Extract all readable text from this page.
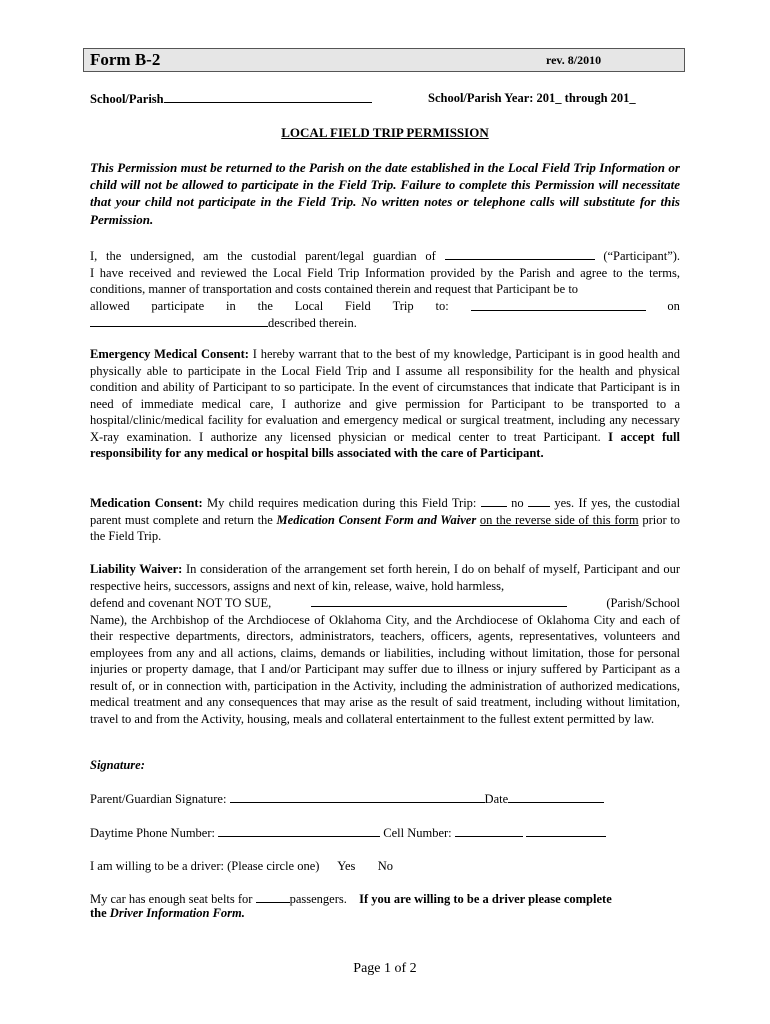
Form B-2	rev. 8/2010
School/Parish	School/Parish Year: 201_ through 201_
LOCAL FIELD TRIP PERMISSION
This Permission must be returned to the Parish on the date established in the Local Field Trip Information or child will not be allowed to participate in the Field Trip. Failure to complete this Permission will necessitate that your child not participate in the Field Trip. No written notes or telephone calls will substitute for this Permission.
I, the undersigned, am the custodial parent/legal guardian of	(“Participant”).
I have received and reviewed the Local Field Trip Information provided by the Parish and agree to the terms, conditions, manner of transportation and costs contained therein and request that Participant be to
allowed participate in the Local Field Trip to:	on
described therein.
Emergency Medical Consent: I hereby warrant that to the best of my knowledge, Participant is in good health and physically able to participate in the Local Field Trip and I assume all responsibility for the health and physical condition and ability of Participant to so participate. In the event of circumstances that indicate that Participant is in need of immediate medical care, I authorize and give permission for Participant to be transported to a hospital/clinic/medical facility for evaluation and emergency medical or surgical treatment, including any necessary X-ray examination. I authorize any licensed physician or medical center to treat Participant. I accept full responsibility for any medical or hospital bills associated with the care of Participant.
Medication Consent: My child requires medication during this Field Trip:	no yes. If yes, the custodial parent must complete and return the Medication Consent Form and Waiver on the reverse side of this form prior to the Field Trip.
Liability Waiver: In consideration of the arrangement set forth herein, I do on behalf of myself, Participant and our respective heirs, successors, assigns and next of kin, release, waive, hold harmless,
defend and covenant NOT TO SUE,	(Parish/School
Name), the Archbishop of the Archdiocese of Oklahoma City, and the Archdiocese of Oklahoma City and each of their respective departments, directors, administrators, teachers, officers, agents, representatives, volunteers and employees from any and all actions, claims, demands or liabilities, including without limitation, those for personal injuries or property damage, that I and/or Participant may suffer due to illness or injury suffered by Participant as a result of, or in connection with, participation in the Activity, including the administration of authorized medications, medical treatment and any consequences that may arise as the result of said treatment, including without limitation, travel to and from the Activity, housing, meals and collateral entertainment to the fullest extent permitted by law.
Signature:
Parent/Guardian Signature:	Date
Daytime Phone Number:	Cell Number:
I am willing to be a driver: (Please circle one) Yes No
My car has enough seat belts for	passengers. If you are willing to be a driver please complete
the Driver Information Form.
Page 1 of 2
